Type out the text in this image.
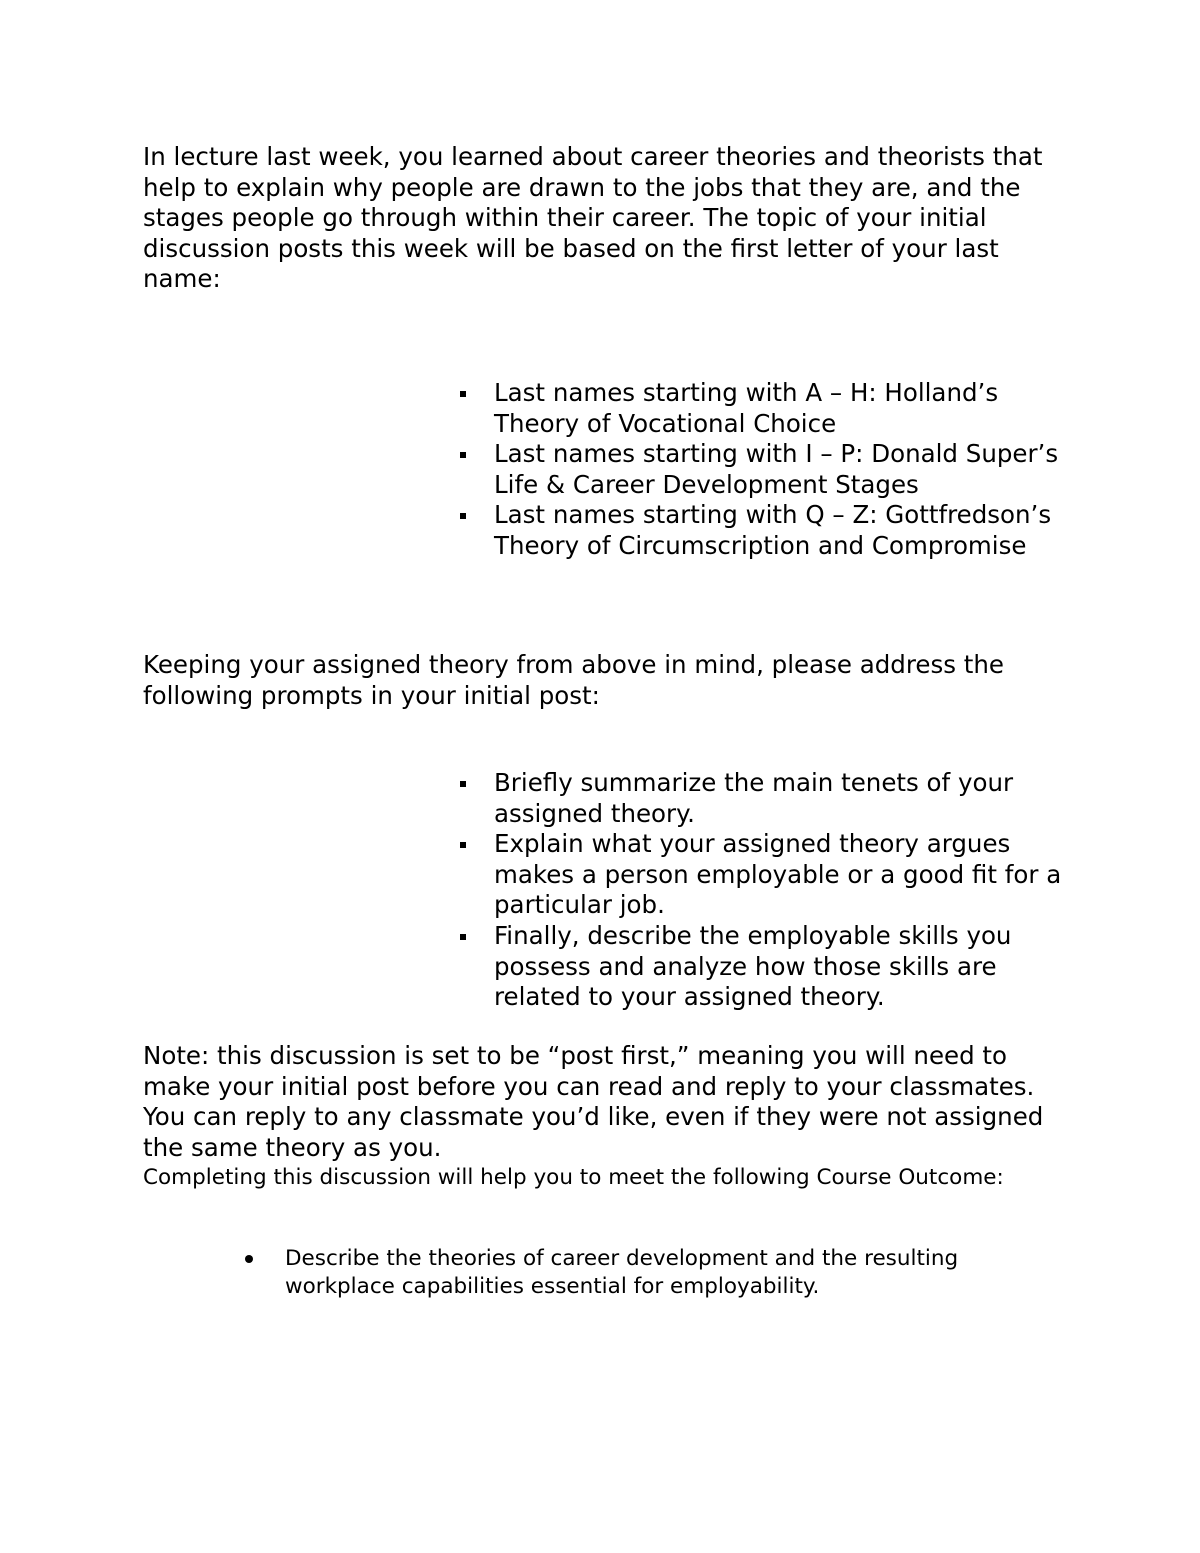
In lecture last week, you learned about career theories and theorists that help to explain why people are drawn to the jobs that they are, and the stages people go through within their career. The topic of your initial discussion posts this week will be based on the first letter of your last name:

Last names starting with A – H: Holland’s Theory of Vocational Choice
Last names starting with I – P: Donald Super’s Life & Career Development Stages
Last names starting with Q – Z: Gottfredson’s Theory of Circumscription and Compromise

Keeping your assigned theory from above in mind, please address the following prompts in your initial post:

Briefly summarize the main tenets of your assigned theory.
Explain what your assigned theory argues makes a person employable or a good fit for a particular job.
Finally, describe the employable skills you possess and analyze how those skills are related to your assigned theory.

Note: this discussion is set to be “post first,” meaning you will need to make your initial post before you can read and reply to your classmates. You can reply to any classmate you’d like, even if they were not assigned the same theory as you.

Completing this discussion will help you to meet the following Course Outcome:

Describe the theories of career development and the resulting workplace capabilities essential for employability.
